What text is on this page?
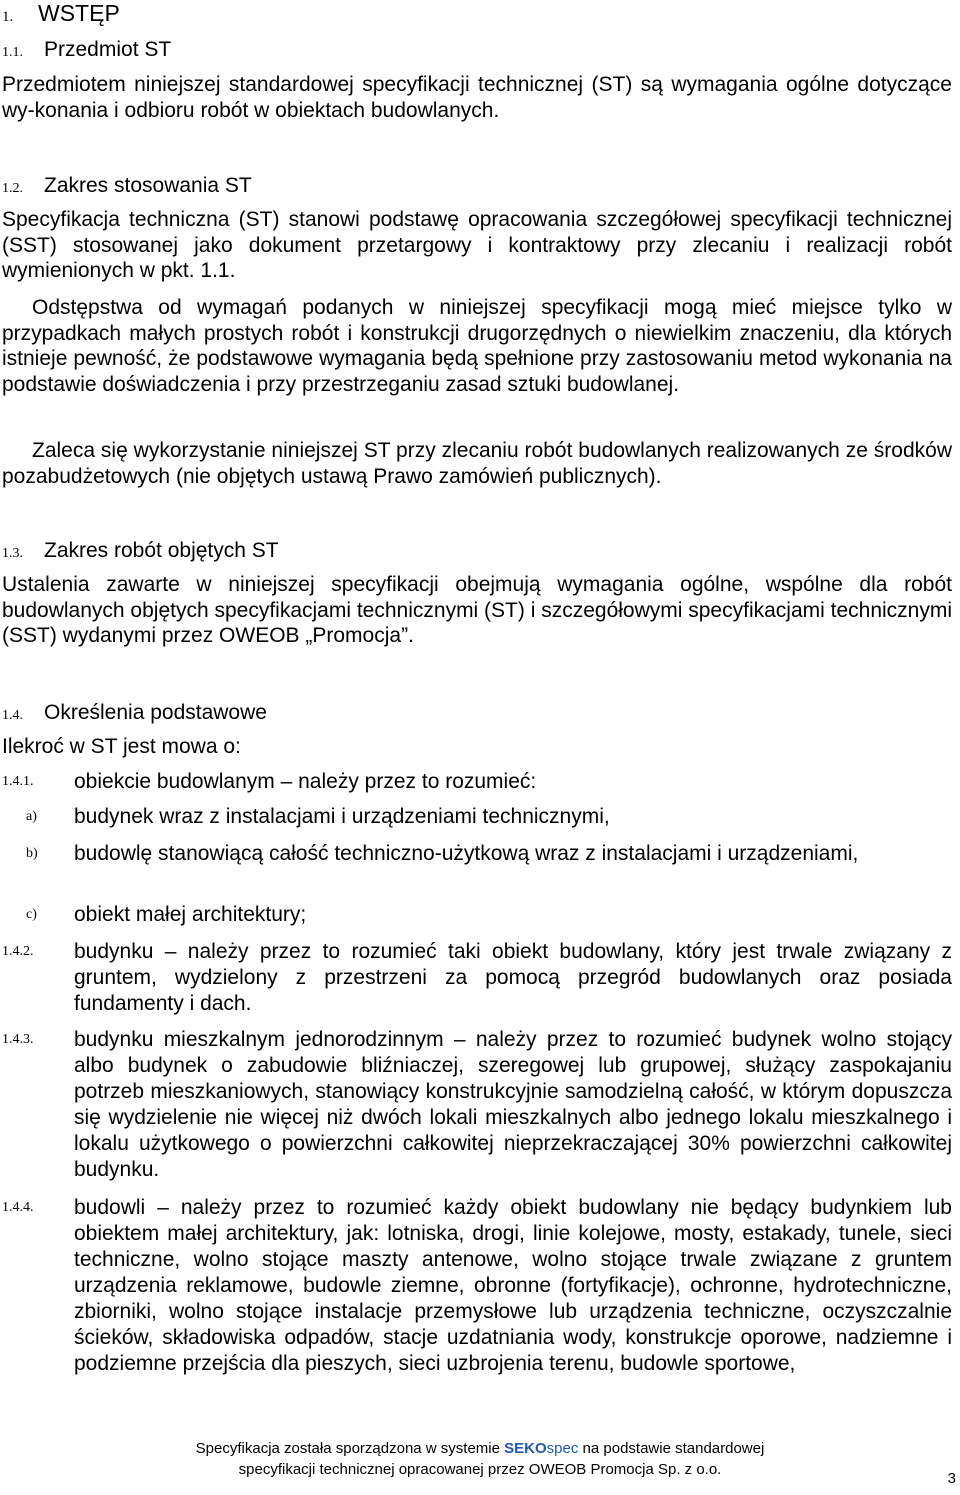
1. WSTĘP
1.1. Przedmiot ST
Przedmiotem niniejszej standardowej specyfikacji technicznej (ST) są wymagania ogólne dotyczące wy-konania i odbioru robót w obiektach budowlanych.
1.2. Zakres stosowania ST
Specyfikacja techniczna (ST) stanowi podstawę opracowania szczegółowej specyfikacji technicznej (SST) stosowanej jako dokument przetargowy i kontraktowy przy zlecaniu i realizacji robót wymienionych w pkt. 1.1.
Odstępstwa od wymagań podanych w niniejszej specyfikacji mogą mieć miejsce tylko w przypadkach małych prostych robót i konstrukcji drugorzędnych o niewielkim znaczeniu, dla których istnieje pewność, że podstawowe wymagania będą spełnione przy zastosowaniu metod wykonania na podstawie doświadczenia i przy przestrzeganiu zasad sztuki budowlanej.
Zaleca się wykorzystanie niniejszej ST przy zlecaniu robót budowlanych realizowanych ze środków pozabudżetowych (nie objętych ustawą Prawo zamówień publicznych).
1.3. Zakres robót objętych ST
Ustalenia zawarte w niniejszej specyfikacji obejmują wymagania ogólne, wspólne dla robót budowlanych objętych specyfikacjami technicznymi (ST) i szczegółowymi specyfikacjami technicznymi (SST) wydanymi przez OWEOB „Promocja”.
1.4. Określenia podstawowe
Ilekroć w ST jest mowa o:
1.4.1.	obiekcie budowlanym – należy przez to rozumieć:
a)	budynek wraz z instalacjami i urządzeniami technicznymi,
b)	budowlę stanowiącą całość techniczno-użytkową wraz z instalacjami i urządzeniami,
c)	obiekt małej architektury;
1.4.2.	budynku – należy przez to rozumieć taki obiekt budowlany, który jest trwale związany z gruntem, wydzielony z przestrzeni za pomocą przegród budowlanych oraz posiada fundamenty i dach.
1.4.3.	budynku mieszkalnym jednorodzinnym – należy przez to rozumieć budynek wolno stojący albo budynek o zabudowie bliźniaczej, szeregowej lub grupowej, służący zaspokajaniu potrzeb mieszkaniowych, stanowiący konstrukcyjnie samodzielną całość, w którym dopuszcza się wydzielenie nie więcej niż dwóch lokali mieszkalnych albo jednego lokalu mieszkalnego i lokalu użytkowego o powierzchni całkowitej nieprzekraczającej 30% powierzchni całkowitej budynku.
1.4.4.	budowli – należy przez to rozumieć każdy obiekt budowlany nie będący budynkiem lub obiektem małej architektury, jak: lotniska, drogi, linie kolejowe, mosty, estakady, tunele, sieci techniczne, wolno stojące maszty antenowe, wolno stojące trwale związane z gruntem urządzenia reklamowe, budowle ziemne, obronne (fortyfikacje), ochronne, hydrotechniczne, zbiorniki, wolno stojące instalacje przemysłowe lub urządzenia techniczne, oczyszczalnie ścieków, składowiska odpadów, stacje uzdatniania wody, konstrukcje oporowe, nadziemne i podziemne przejścia dla pieszych, sieci uzbrojenia terenu, budowle sportowe,
Specyfikacja została sporządzona w systemie SEKOspec na podstawie standardowej
specyfikacji technicznej opracowanej przez OWEOB Promocja Sp. z o.o.
3
